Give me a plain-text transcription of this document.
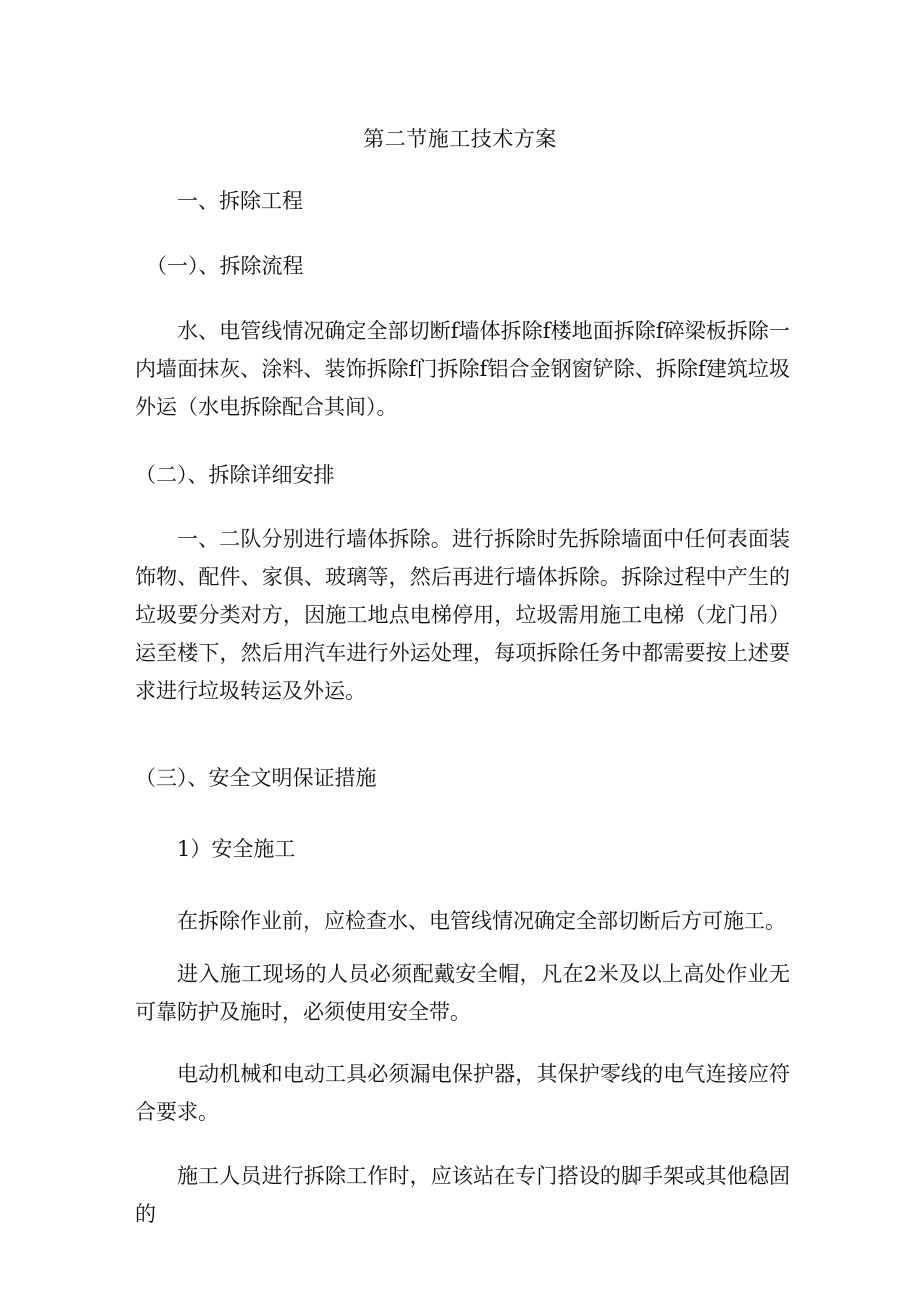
第二节施工技术方案
一、拆除工程
（一）、拆除流程
水、电管线情况确定全部切断f墙体拆除f楼地面拆除f碎梁板拆除一内墙面抹灰、涂料、装饰拆除f门拆除f铝合金钢窗铲除、拆除f建筑垃圾外运（水电拆除配合其间）。
（二）、拆除详细安排
一、二队分别进行墙体拆除。进行拆除时先拆除墙面中任何表面装饰物、配件、家俱、玻璃等，然后再进行墙体拆除。拆除过程中产生的垃圾要分类对方，因施工地点电梯停用，垃圾需用施工电梯（龙门吊）运至楼下，然后用汽车进行外运处理，每项拆除任务中都需要按上述要求进行垃圾转运及外运。
（三）、安全文明保证措施
1）安全施工
在拆除作业前，应检查水、电管线情况确定全部切断后方可施工。
进入施工现场的人员必须配戴安全帽，凡在2米及以上高处作业无可靠防护及施时，必须使用安全带。
电动机械和电动工具必须漏电保护器，其保护零线的电气连接应符合要求。
施工人员进行拆除工作时，应该站在专门搭设的脚手架或其他稳固的
